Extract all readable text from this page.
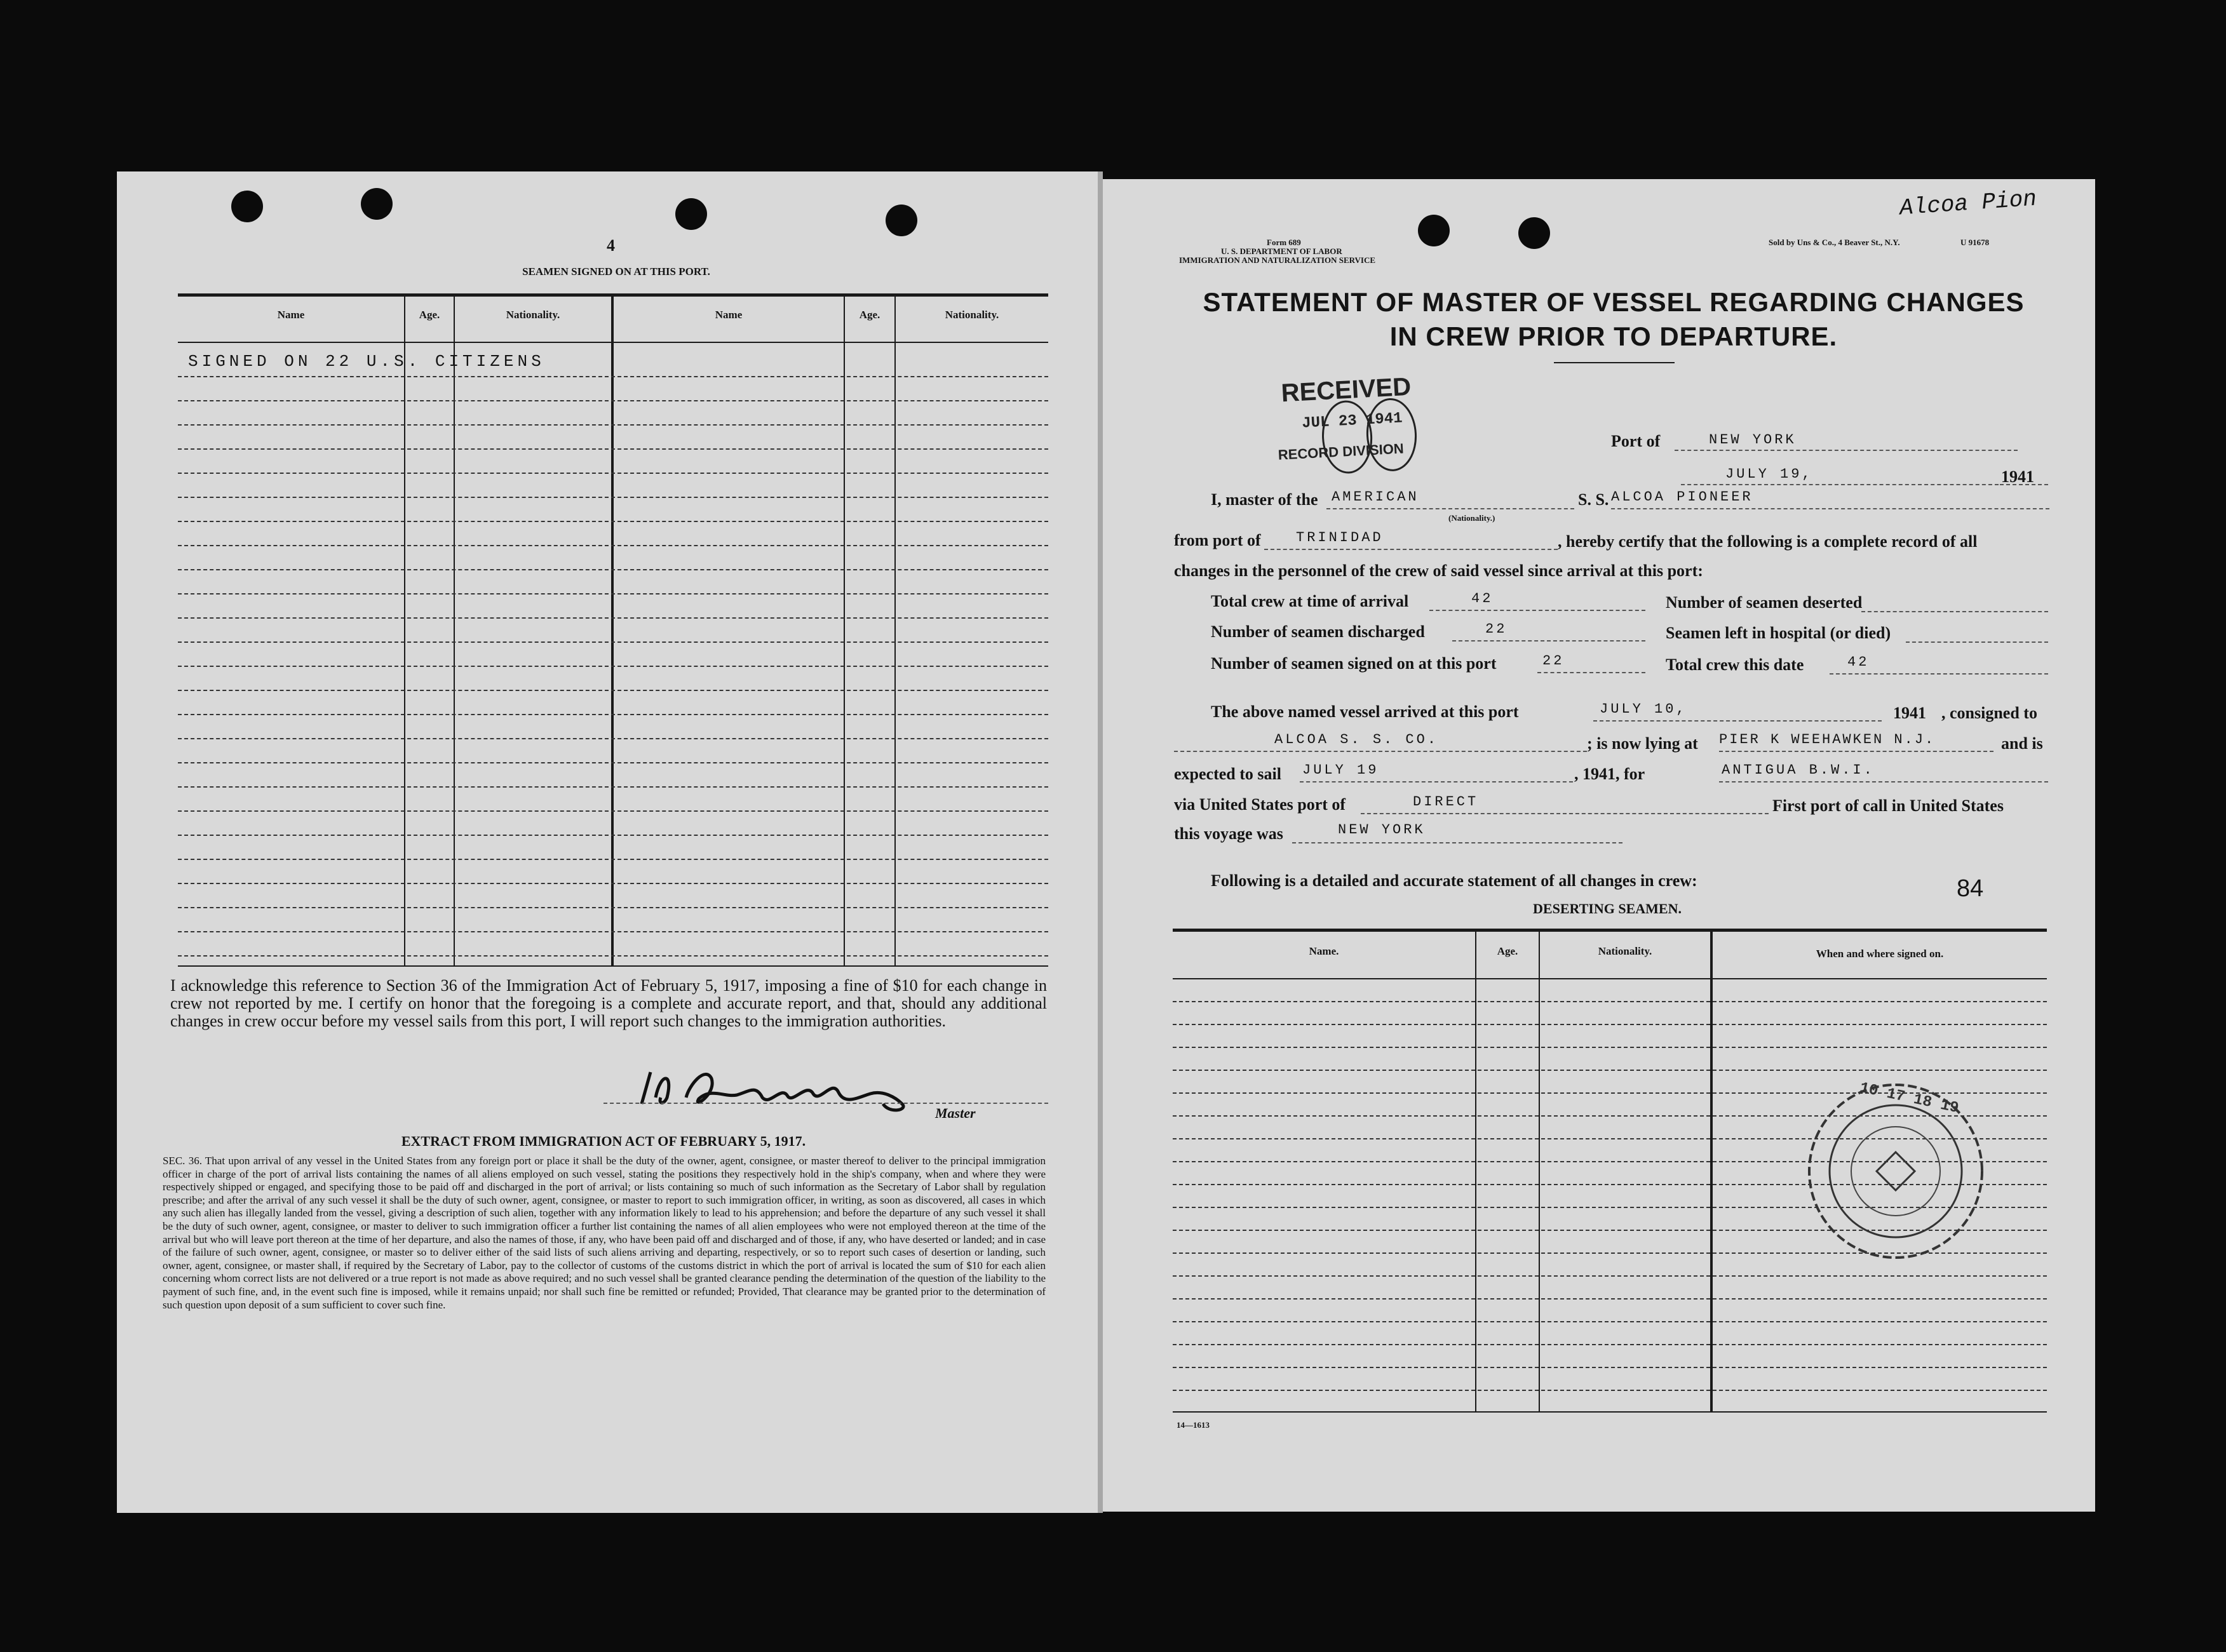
4
SEAMEN SIGNED ON AT THIS PORT.
Name	Age.	Nationality.	Name	Age.	Nationality.
SIGNED ON 22 U.S. CITIZENS
I acknowledge this reference to Section 36 of the Immigration Act of February 5, 1917, imposing a fine of $10 for each change in crew not reported by me. I certify on honor that the foregoing is a complete and accurate report, and that, should any additional changes in crew occur before my vessel sails from this port, I will report such changes to the immigration authorities.
Master
EXTRACT FROM IMMIGRATION ACT OF FEBRUARY 5, 1917.
SEC. 36. That upon arrival of any vessel in the United States from any foreign port or place it shall be the duty of the owner, agent, consignee, or master thereof to deliver to the principal immigration officer in charge of the port of arrival lists containing the names of all aliens employed on such vessel, stating the positions they respectively hold in the ship's company, when and where they were respectively shipped or engaged, and specifying those to be paid off and discharged in the port of arrival; or lists containing so much of such information as the Secretary of Labor shall by regulation prescribe; and after the arrival of any such vessel it shall be the duty of such owner, agent, consignee, or master to report to such immigration officer, in writing, as soon as discovered, all cases in which any such alien has illegally landed from the vessel, giving a description of such alien, together with any information likely to lead to his apprehension; and before the departure of any such vessel it shall be the duty of such owner, agent, consignee, or master to deliver to such immigration officer a further list containing the names of all alien employees who were not employed thereon at the time of the arrival but who will leave port thereon at the time of her departure, and also the names of those, if any, who have been paid off and discharged and of those, if any, who have deserted or landed; and in case of the failure of such owner, agent, consignee, or master so to deliver either of the said lists of such aliens arriving and departing, respectively, or so to report such cases of desertion or landing, such owner, agent, consignee, or master shall, if required by the Secretary of Labor, pay to the collector of customs of the customs district in which the port of arrival is located the sum of $10 for each alien concerning whom correct lists are not delivered or a true report is not made as above required; and no such vessel shall be granted clearance pending the determination of the question of the liability to the payment of such fine, and, in the event such fine is imposed, while it remains unpaid; nor shall such fine be remitted or refunded; Provided, That clearance may be granted prior to the determination of such question upon deposit of a sum sufficient to cover such fine.
Form 689
U. S. DEPARTMENT OF LABOR
IMMIGRATION AND NATURALIZATION SERVICE
Sold by Uns & Co., 4 Beaver St., N.Y.	U 91678
Alcoa Pion
STATEMENT OF MASTER OF VESSEL REGARDING CHANGES
IN CREW PRIOR TO DEPARTURE.
RECEIVED
JUL 23 1941
RECORD DIVISION	Port of	NEW YORK
JULY 19,	1941
I, master of the AMERICAN
(Nationality.)
S. S. ALCOA PIONEER
from port of	TRINIDAD	, hereby certify that the following is a complete record of all
changes in the personnel of the crew of said vessel since arrival at this port:
Total crew at time of arrival	42	Number of seamen deserted
Number of seamen discharged	22	Seamen left in hospital (or died)
Number of seamen signed on at this port	22	Total crew this date	42
The above named vessel arrived at this port	JULY 10,	1941 , consigned to
ALCOA S. S. CO.	; is now lying at PIER K WEEHAWKEN N.J.	and is
expected to sail JULY 19	, 1941, for	ANTIGUA B.W.I.
via United States port of	DIRECT	First port of call in United States
this voyage was	NEW YORK
Following is a detailed and accurate statement of all changes in crew:	84
DESERTING SEAMEN.
Name.	Age.	Nationality.	When and where signed on.
10 17 18 19
14—1613
